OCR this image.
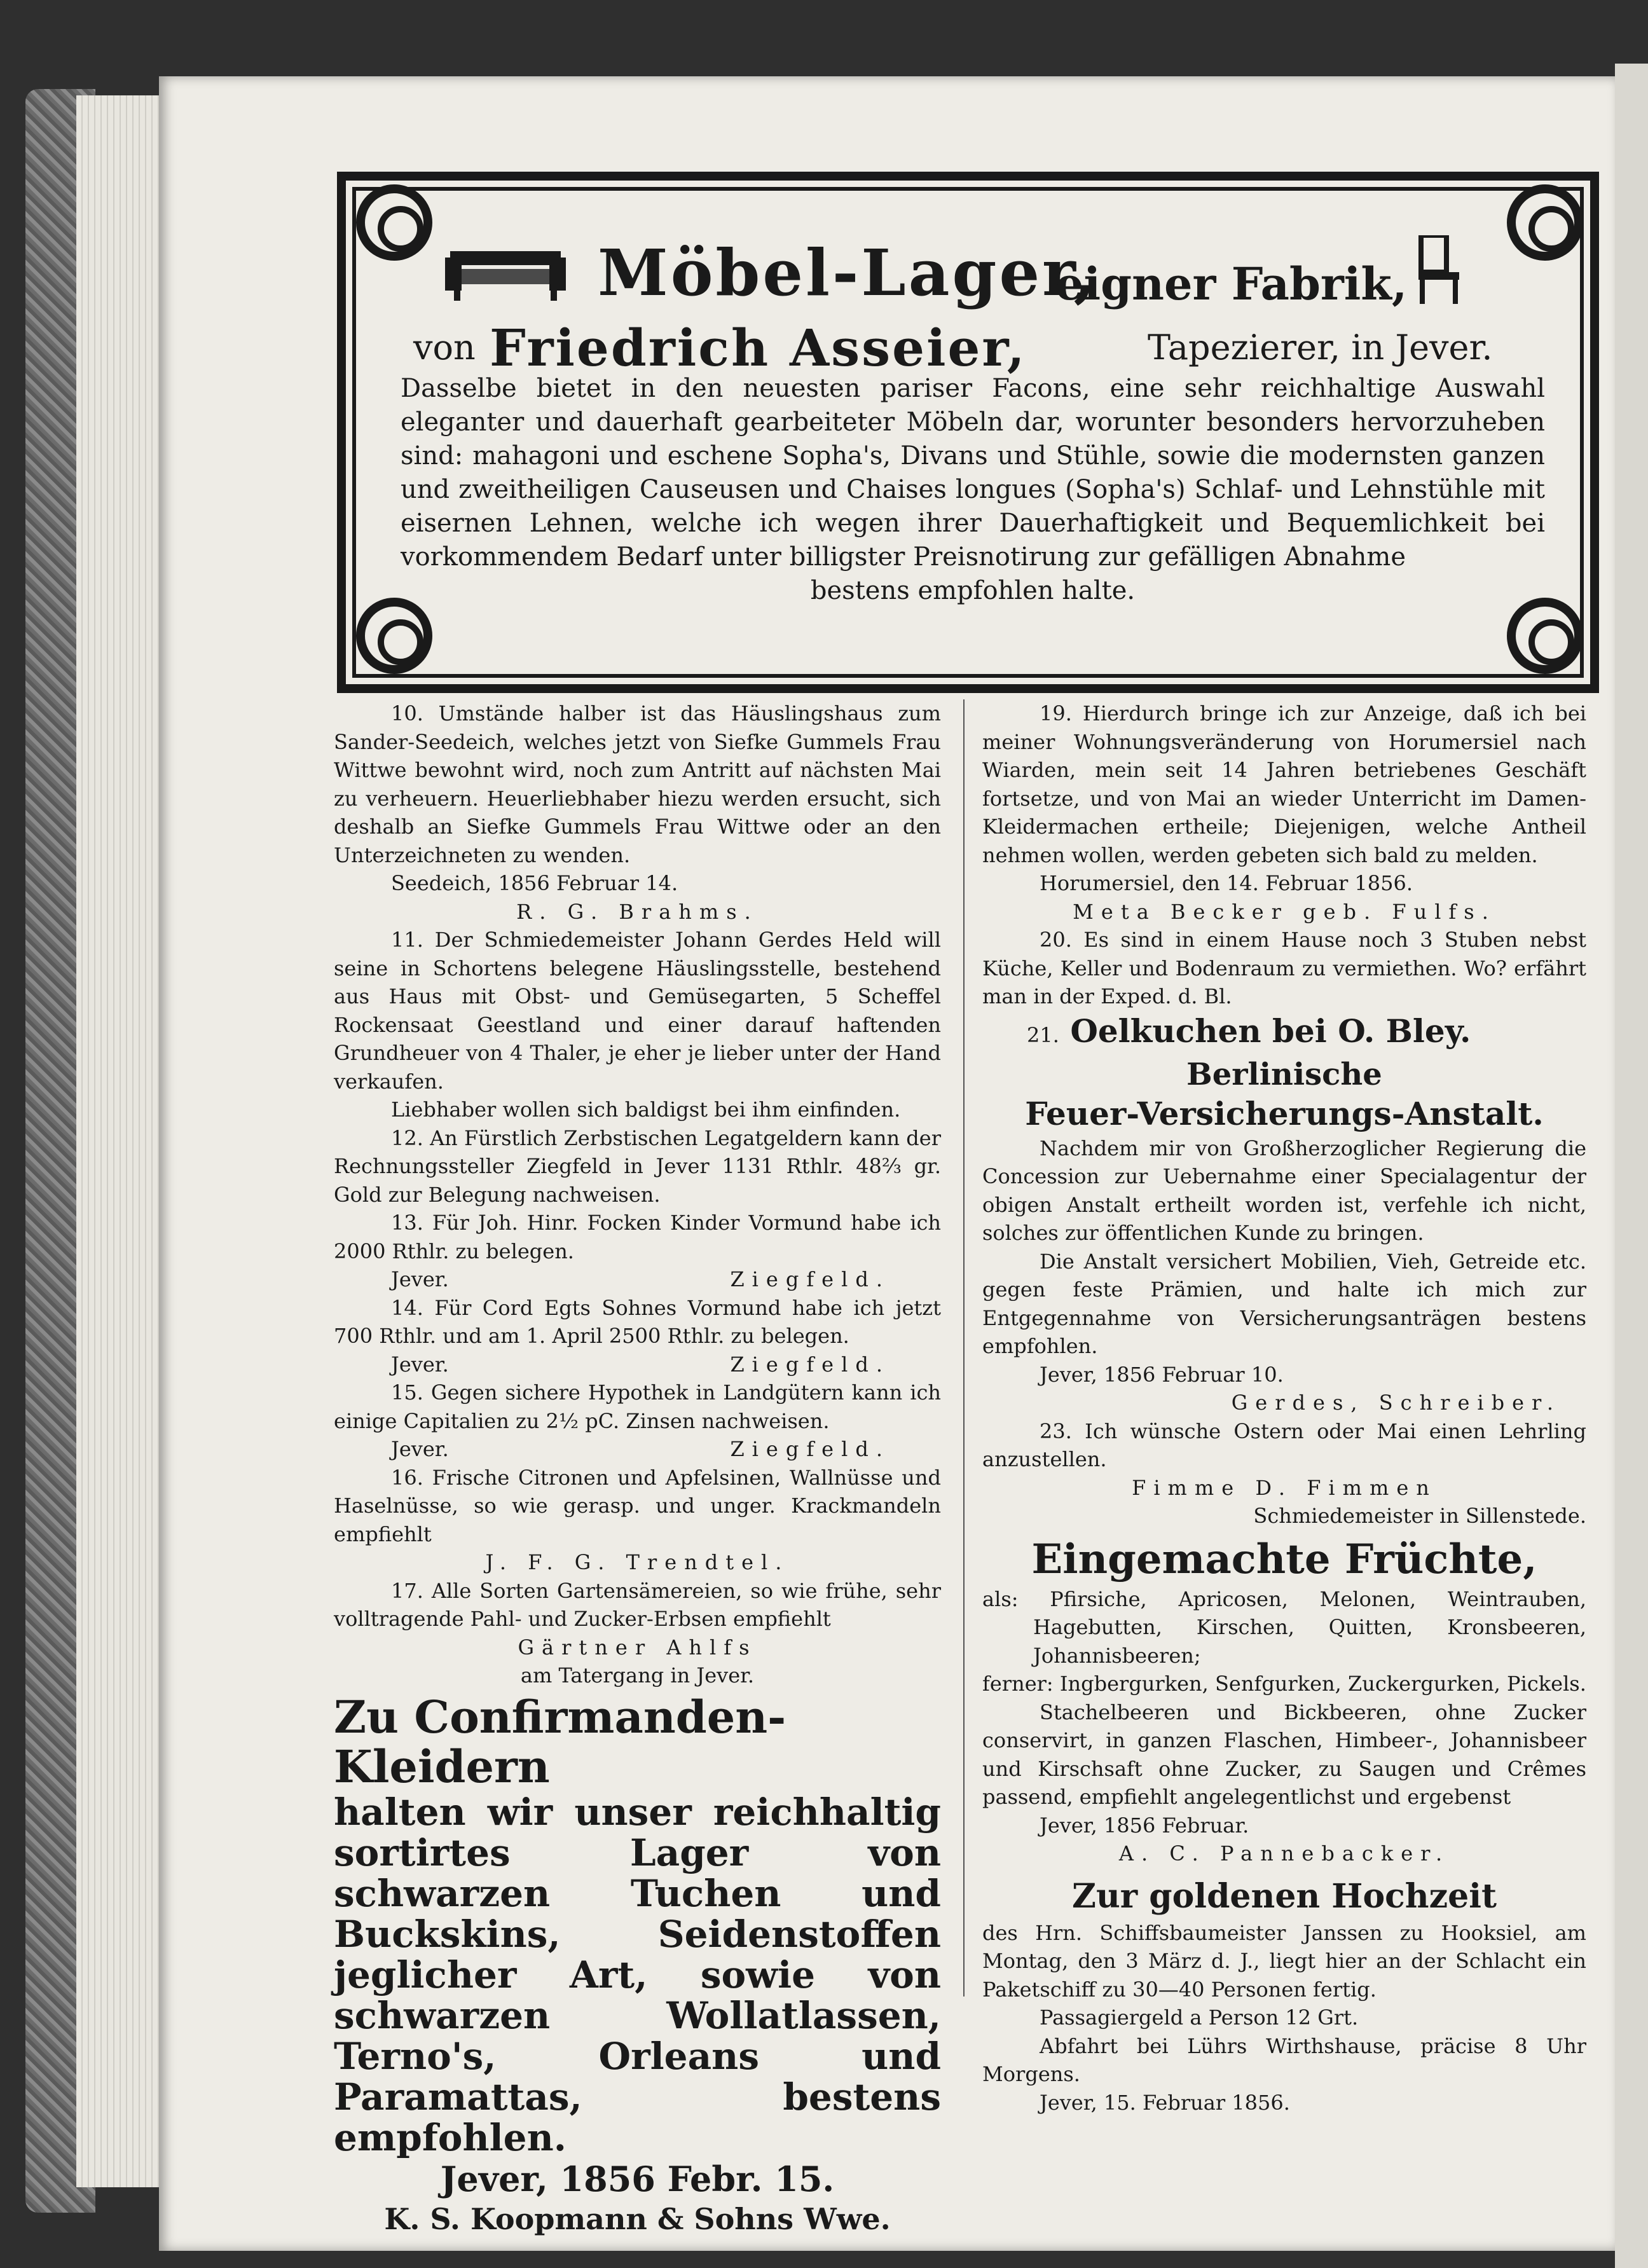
Möbel-Lager,
eigner Fabrik,
von Friedrich Asseier,	Tapezierer, in Jever.
Dasselbe bietet in den neuesten pariser Facons, eine sehr reichhaltige Auswahl eleganter und dauerhaft gearbeiteter Möbeln dar, worunter besonders hervorzuheben sind: mahagoni und eschene Sopha's, Divans und Stühle, sowie die modernsten ganzen und zweitheiligen Causeusen und Chaises longues (Sopha's) Schlaf- und Lehnstühle mit eisernen Lehnen, welche ich wegen ihrer Dauerhaftigkeit und Bequemlichkeit bei vorkommendem Bedarf unter billigster Preisnotirung zur gefälligen Abnahme
bestens empfohlen halte.

10. Umstände halber ist das Häuslingshaus zum Sander-Seedeich, welches jetzt von Siefke Gummels Frau Wittwe bewohnt wird, noch zum Antritt auf nächsten Mai zu verheuern. Heuerliebhaber hiezu werden ersucht, sich deshalb an Siefke Gummels Frau Wittwe oder an den Unterzeichneten zu wenden.

Seedeich, 1856 Februar 14.

R. G. Brahms.

11. Der Schmiedemeister Johann Gerdes Held will seine in Schortens belegene Häuslingsstelle, bestehend aus Haus mit Obst- und Gemüsegarten, 5 Scheffel Rockensaat Geestland und einer darauf haftenden Grundheuer von 4 Thaler, je eher je lieber unter der Hand verkaufen.

Liebhaber wollen sich baldigst bei ihm einfinden.

12. An Fürstlich Zerbstischen Legatgeldern kann der Rechnungssteller Ziegfeld in Jever 1131 Rthlr. 48⅔ gr. Gold zur Belegung nachweisen.

13. Für Joh. Hinr. Focken Kinder Vormund habe ich 2000 Rthlr. zu belegen.

Jever.	Ziegfeld.

14. Für Cord Egts Sohnes Vormund habe ich jetzt 700 Rthlr. und am 1. April 2500 Rthlr. zu belegen.

Jever.	Ziegfeld.

15. Gegen sichere Hypothek in Landgütern kann ich einige Capitalien zu 2½ pC. Zinsen nachweisen.

Jever.	Ziegfeld.

16. Frische Citronen und Apfelsinen, Wallnüsse und Haselnüsse, so wie gerasp. und unger. Krackmandeln empfiehlt

J. F. G. Trendtel.

17. Alle Sorten Gartensämereien, so wie frühe, sehr volltragende Pahl- und Zucker-Erbsen empfiehlt

Gärtner Ahlfs

am Tatergang in Jever.

Zu Confirmanden-Kleidern

halten wir unser reichhaltig sortirtes Lager von schwarzen Tuchen und Buckskins, Seidenstoffen jeglicher Art, sowie von schwarzen Wollatlassen, Terno's, Orleans und Paramattas, bestens empfohlen.

Jever, 1856 Febr. 15.

K. S. Koopmann & Sohns Wwe.

19. Hierdurch bringe ich zur Anzeige, daß ich bei meiner Wohnungsveränderung von Horumersiel nach Wiarden, mein seit 14 Jahren betriebenes Geschäft fortsetze, und von Mai an wieder Unterricht im Damen-Kleidermachen ertheile; Diejenigen, welche Antheil nehmen wollen, werden gebeten sich bald zu melden.

Horumersiel, den 14. Februar 1856.

Meta Becker geb. Fulfs.

20. Es sind in einem Hause noch 3 Stuben nebst Küche, Keller und Bodenraum zu vermiethen. Wo? erfährt man in der Exped. d. Bl.

21. Oelkuchen bei O. Bley.

Berlinische

Feuer-Versicherungs-Anstalt.

Nachdem mir von Großherzoglicher Regierung die Concession zur Uebernahme einer Specialagentur der obigen Anstalt ertheilt worden ist, verfehle ich nicht, solches zur öffentlichen Kunde zu bringen.

Die Anstalt versichert Mobilien, Vieh, Getreide etc. gegen feste Prämien, und halte ich mich zur Entgegennahme von Versicherungsanträgen bestens empfohlen.

Jever, 1856 Februar 10.

Gerdes, Schreiber.

23. Ich wünsche Ostern oder Mai einen Lehrling anzustellen.

Fimme D. Fimmen

Schmiedemeister in Sillenstede.

Eingemachte Früchte,

als: Pfirsiche, Apricosen, Melonen, Weintrauben, Hagebutten, Kirschen, Quitten, Kronsbeeren, Johannisbeeren;

ferner: Ingbergurken, Senfgurken, Zuckergurken, Pickels.

Stachelbeeren und Bickbeeren, ohne Zucker conservirt, in ganzen Flaschen, Himbeer-, Johannisbeer und Kirschsaft ohne Zucker, zu Saugen und Crêmes passend, empfiehlt angelegentlichst und ergebenst

Jever, 1856 Februar.

A. C. Pannebacker.

Zur goldenen Hochzeit

des Hrn. Schiffsbaumeister Janssen zu Hooksiel, am Montag, den 3 März d. J., liegt hier an der Schlacht ein Paketschiff zu 30—40 Personen fertig.

Passagiergeld a Person 12 Grt.

Abfahrt bei Lührs Wirthshause, präcise 8 Uhr Morgens.

Jever, 15. Februar 1856.
